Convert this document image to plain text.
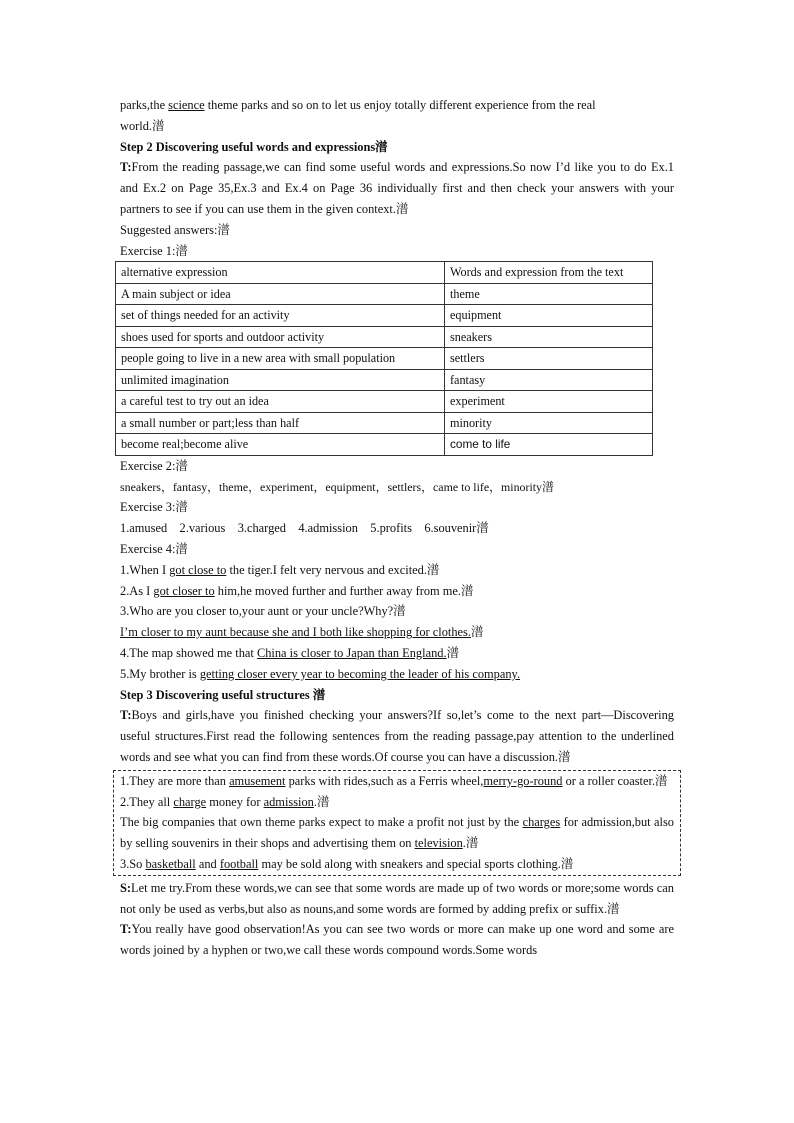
parks,the science theme parks and so on to let us enjoy totally different experience from the real

world.潽

Step 2 Discovering useful words and expressions潽

T:From the reading passage,we can find some useful words and expressions.So now I’d like you to do Ex.1 and Ex.2 on Page 35,Ex.3 and Ex.4 on Page 36 individually first and then check your answers with your partners to see if you can use them in the given context.潽

Suggested answers:潽

Exercise 1:潽

alternative expression	Words and expression from the text
A main subject or idea	theme
set of things needed for an activity	equipment
shoes used for sports and outdoor activity	sneakers
people going to live in a new area with small population	settlers
unlimited imagination	fantasy
a careful test to try out an idea	experiment
a small number or part;less than half	minority
become real;become alive	come to life

Exercise 2:潽

sneakers，fantasy，theme，experiment，equipment，settlers，came to life，minority潽

Exercise 3:潽

1.amused    2.various    3.charged    4.admission    5.profits    6.souvenir潽

Exercise 4:潽

1.When I got close to the tiger.I felt very nervous and excited.潽

2.As I got closer to him,he moved further and further away from me.潽

3.Who are you closer to,your aunt or your uncle?Why?潽

I’m closer to my aunt because she and I both like shopping for clothes.潽

4.The map showed me that China is closer to Japan than England.潽

5.My brother is getting closer every year to becoming the leader of his company.

Step 3 Discovering useful structures 潽

T:Boys and girls,have you finished checking your answers?If so,let’s come to the next part—Discovering useful structures.First read the following sentences from the reading passage,pay attention to the underlined words and see what you can find from these words.Of course you can have a discussion.潽

1.They are more than amusement parks with rides,such as a Ferris wheel,merry-go-round or a roller coaster.潽

2.They all charge money for admission.潽

The big companies that own theme parks expect to make a profit not just by the charges for admission,but also by selling souvenirs in their shops and advertising them on television.潽

3.So basketball and football may be sold along with sneakers and special sports clothing.潽

S:Let me try.From these words,we can see that some words are made up of two words or more;some words can not only be used as verbs,but also as nouns,and some words are formed by adding prefix or suffix.潽

T:You really have good observation!As you can see two words or more can make up one word and some are words joined by a hyphen or two,we call these words compound words.Some words
